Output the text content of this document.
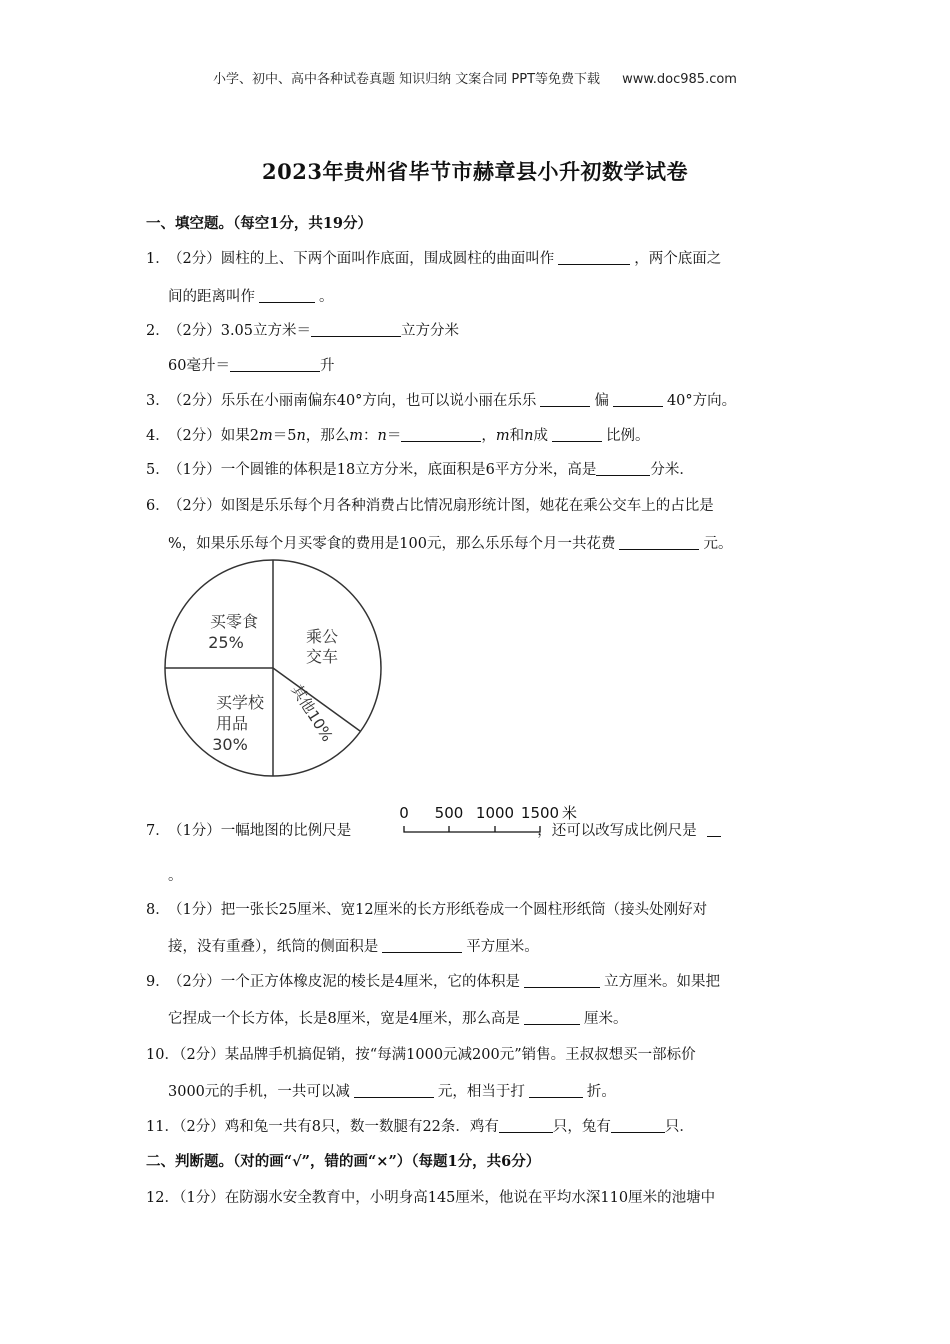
小学、初中、高中各种试卷真题 知识归纳 文案合同 PPT等免费下载 www.doc985.com
2023年贵州省毕节市赫章县小升初数学试卷
一、填空题。（每空1分，共19分）
1．（2分）圆柱的上、下两个面叫作底面，围成圆柱的曲面叫作	，两个底面之
间的距离叫作	。
2．（2分）3.05立方米＝	立方分米
60毫升＝	升
3．（2分）乐乐在小丽南偏东40°方向，也可以说小丽在乐乐	偏	40°方向。
4．（2分）如果2m＝5n，那么m：n＝	，m和n成	比例。
5．（1分）一个圆锥的体积是18立方分米，底面积是6平方分米，高是	分米．
6．（2分）如图是乐乐每个月各种消费占比情况扇形统计图，她花在乘公交车上的占比是
%，如果乐乐每个月买零食的费用是100元，那么乐乐每个月一共花费	元。
买零食
25%	乘公
交车
买学校
用品
30%	其他10%
7．（1分）一幅地图的比例尺是	，还可以改写成比例尺是
0 500 1000 1500 米
。
8．（1分）把一张长25厘米、宽12厘米的长方形纸卷成一个圆柱形纸筒（接头处刚好对
接，没有重叠），纸筒的侧面积是	平方厘米。
9．（2分）一个正方体橡皮泥的棱长是4厘米，它的体积是	立方厘米。如果把
它捏成一个长方体，长是8厘米，宽是4厘米，那么高是	厘米。
10．（2分）某品牌手机搞促销，按“每满1000元减200元”销售。王叔叔想买一部标价
3000元的手机，一共可以减	元，相当于打	折。
11．（2分）鸡和兔一共有8只，数一数腿有22条．鸡有	只，兔有	只．
二、判断题。（对的画“√”，错的画“×”）（每题1分，共6分）
12．（1分）在防溺水安全教育中，小明身高145厘米，他说在平均水深110厘米的池塘中
